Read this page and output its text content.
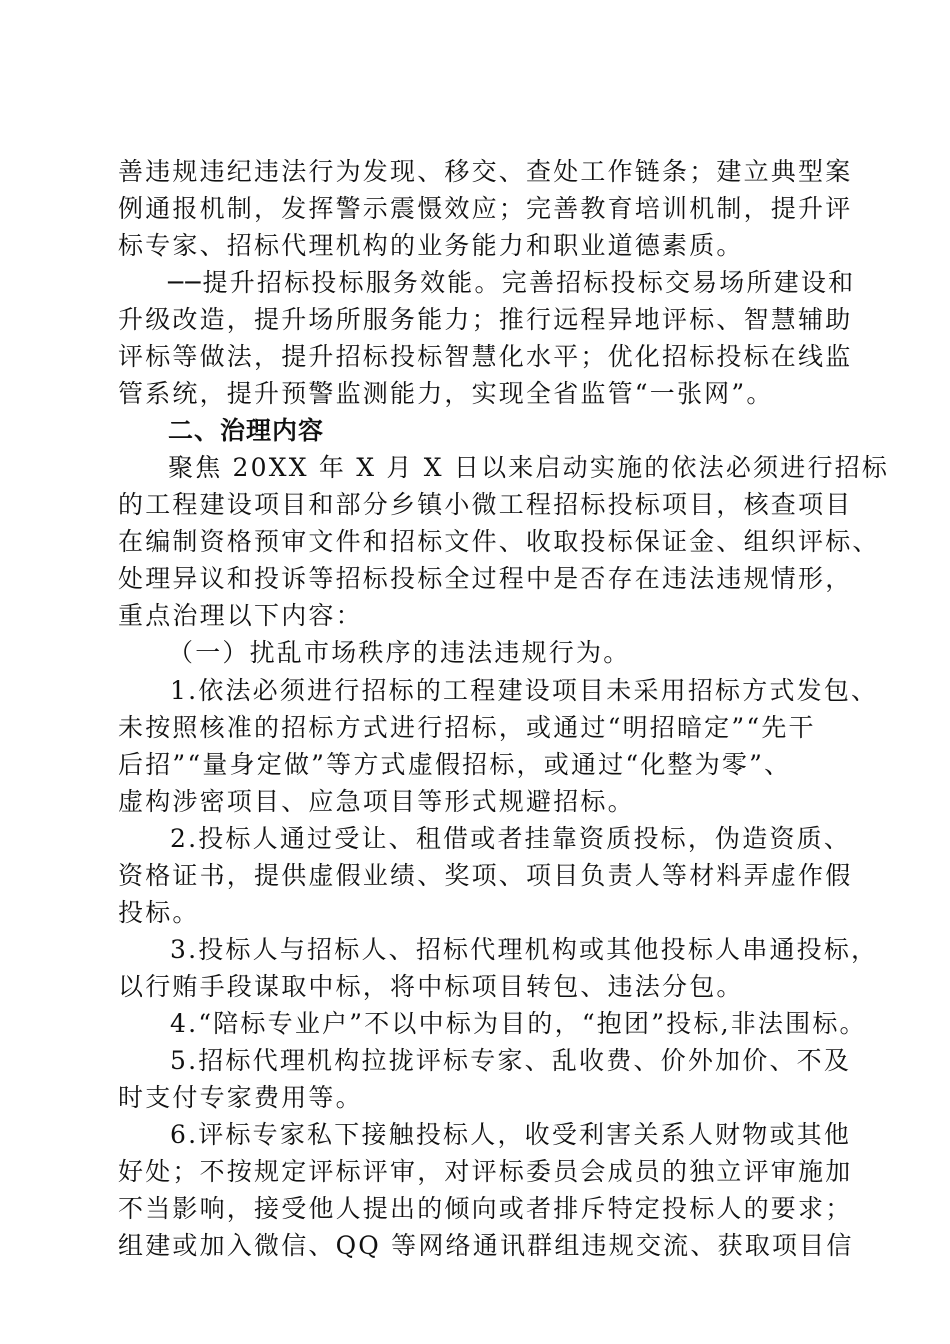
善违规违纪违法行为发现、移交、查处工作链条；建立典型案
例通报机制，发挥警示震慑效应；完善教育培训机制，提升评
标专家、招标代理机构的业务能力和职业道德素质。
──提升招标投标服务效能。完善招标投标交易场所建设和
升级改造，提升场所服务能力；推行远程异地评标、智慧辅助
评标等做法，提升招标投标智慧化水平；优化招标投标在线监
管系统，提升预警监测能力，实现全省监管“一张网”。
二、治理内容
聚焦 20XX 年 X 月 X 日以来启动实施的依法必须进行招标
的工程建设项目和部分乡镇小微工程招标投标项目，核查项目
在编制资格预审文件和招标文件、收取投标保证金、组织评标、
处理异议和投诉等招标投标全过程中是否存在违法违规情形，
重点治理以下内容：
（一）扰乱市场秩序的违法违规行为。
1.依法必须进行招标的工程建设项目未采用招标方式发包、
未按照核准的招标方式进行招标，或通过“明招暗定”“先干
后招”“量身定做”等方式虚假招标，或通过“化整为零”、
虚构涉密项目、应急项目等形式规避招标。
2.投标人通过受让、租借或者挂靠资质投标，伪造资质、
资格证书，提供虚假业绩、奖项、项目负责人等材料弄虚作假
投标。
3.投标人与招标人、招标代理机构或其他投标人串通投标，
以行贿手段谋取中标，将中标项目转包、违法分包。
4.“陪标专业户”不以中标为目的，“抱团”投标,非法围标。
5.招标代理机构拉拢评标专家、乱收费、价外加价、不及
时支付专家费用等。
6.评标专家私下接触投标人，收受利害关系人财物或其他
好处；不按规定评标评审，对评标委员会成员的独立评审施加
不当影响，接受他人提出的倾向或者排斥特定投标人的要求；
组建或加入微信、QQ 等网络通讯群组违规交流、获取项目信
